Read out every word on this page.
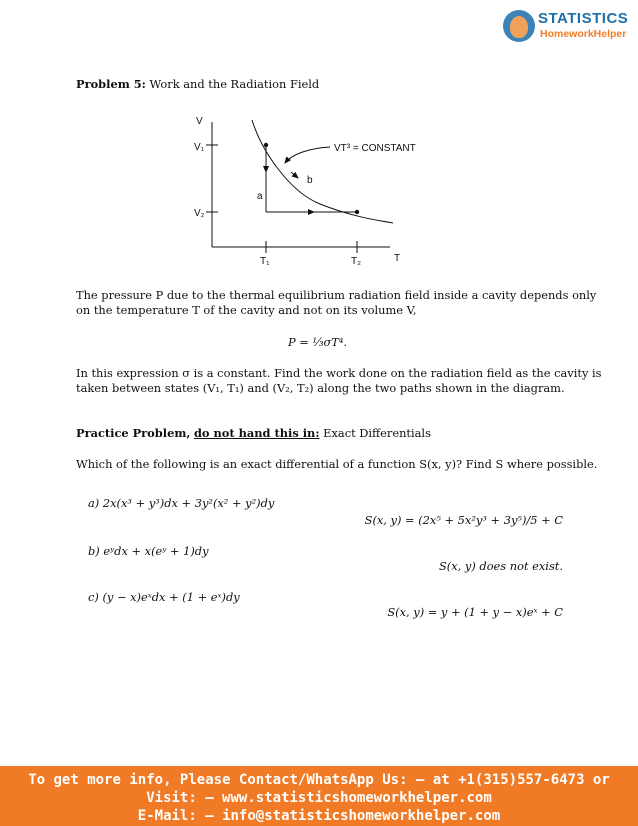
STATISTICS
HomeworkHelper
Problem 5: Work and the Radiation Field
V
V₁
V₂
T₁	T₂	T
a
b
VT³ = CONSTANT
The pressure P due to the thermal equilibrium radiation field inside a cavity depends only
on the temperature T of the cavity and not on its volume V,
P = ⅓σT⁴.
In this expression σ is a constant. Find the work done on the radiation field as the cavity is
taken between states (V₁, T₁) and (V₂, T₂) along the two paths shown in the diagram.
Practice Problem, do not hand this in: Exact Differentials
Which of the following is an exact differential of a function S(x, y)? Find S where possible.
a) 2x(x³ + y³)dx + 3y²(x² + y²)dy
S(x, y) = (2x⁵ + 5x²y³ + 3y⁵)/5 + C
b) eʸdx + x(eʸ + 1)dy
S(x, y) does not exist.
c) (y − x)eˣdx + (1 + eˣ)dy
S(x, y) = y + (1 + y − x)eˣ + C
To get more info, Please Contact/WhatsApp Us: – at +1(315)557-6473 or
Visit: – www.statisticshomeworkhelper.com
E-Mail: – info@statisticshomeworkhelper.com
